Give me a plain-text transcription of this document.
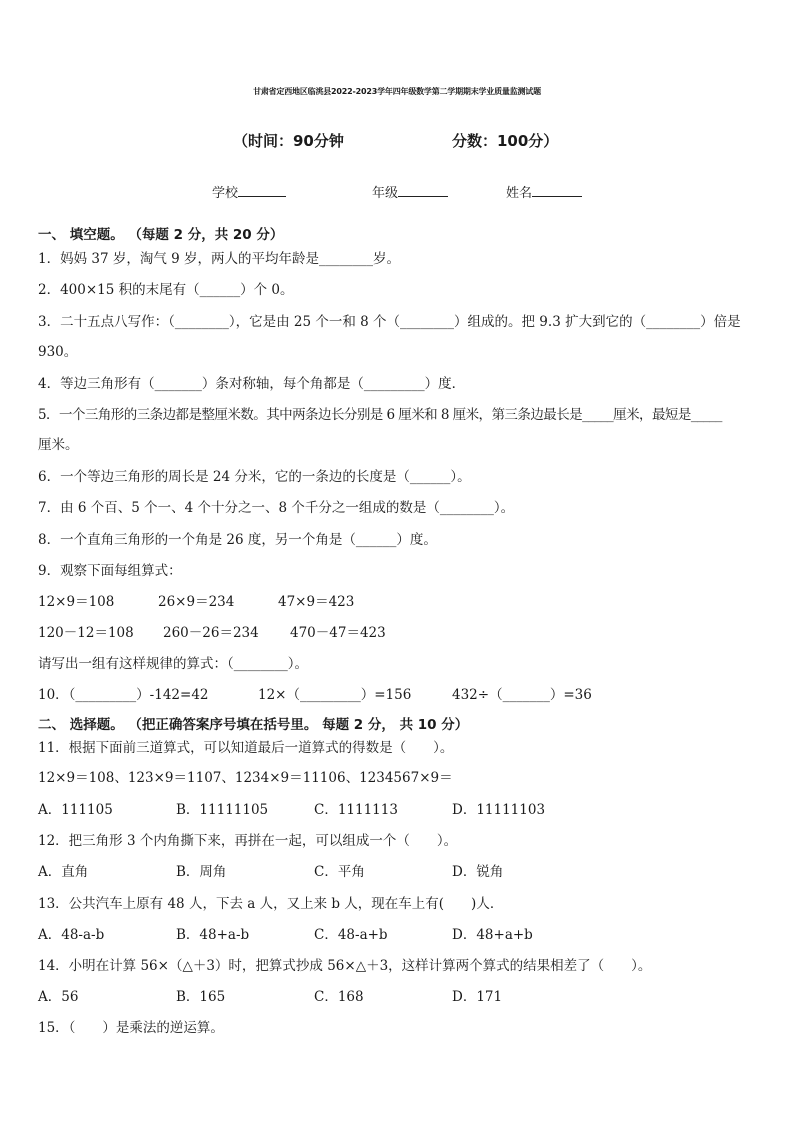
甘肃省定西地区临洮县2022-2023学年四年级数学第二学期期末学业质量监测试题
（时间：90分钟	分数：100分）
学校	年级	姓名
一、 填空题。 （每题 2 分，共 20 分）
1．妈妈 37 岁，淘气 9 岁，两人的平均年龄是________岁。
2．400×15 积的末尾有（______）个 0。
3．二十五点八写作：（________），它是由 25 个一和 8 个（________）组成的。把 9.3 扩大到它的（________）倍是
930。
4．等边三角形有（_______）条对称轴，每个角都是（_________）度．
5．一个三角形的三条边都是整厘米数。其中两条边长分别是 6 厘米和 8 厘米，第三条边最长是_____厘米，最短是_____
厘米。
6．一个等边三角形的周长是 24 分米，它的一条边的长度是（______）。
7．由 6 个百、5 个一、4 个十分之一、8 个千分之一组成的数是（________）。
8．一个直角三角形的一个角是 26 度，另一个角是（______）度。
9．观察下面每组算式：
12×9＝108	26×9＝234	47×9＝423
120－12＝108 260－26＝234 470－47＝423
请写出一组有这样规律的算式：（________）。
10．（_________）-142=42	12×（_________）=156	432÷（_______）=36
二、 选择题。 （把正确答案序号填在括号里。 每题 2 分， 共 10 分）
11．根据下面前三道算式，可以知道最后一道算式的得数是（　　）。
12×9＝108、123×9＝1107、1234×9＝11106、1234567×9＝
A．111105	B．11111105	C．1111113	D．11111103
12．把三角形 3 个内角撕下来，再拼在一起，可以组成一个（　　）。
A．直角	B．周角	C．平角	D．锐角
13．公共汽车上原有 48 人，下去 a 人，又上来 b 人，现在车上有(　　)人．
A．48-a-b	B．48+a-b	C．48-a+b	D．48+a+b
14．小明在计算 56×（△＋3）时，把算式抄成 56×△＋3，这样计算两个算式的结果相差了（　　）。
A．56	B．165	C．168	D．171
15．（　　）是乘法的逆运算。
